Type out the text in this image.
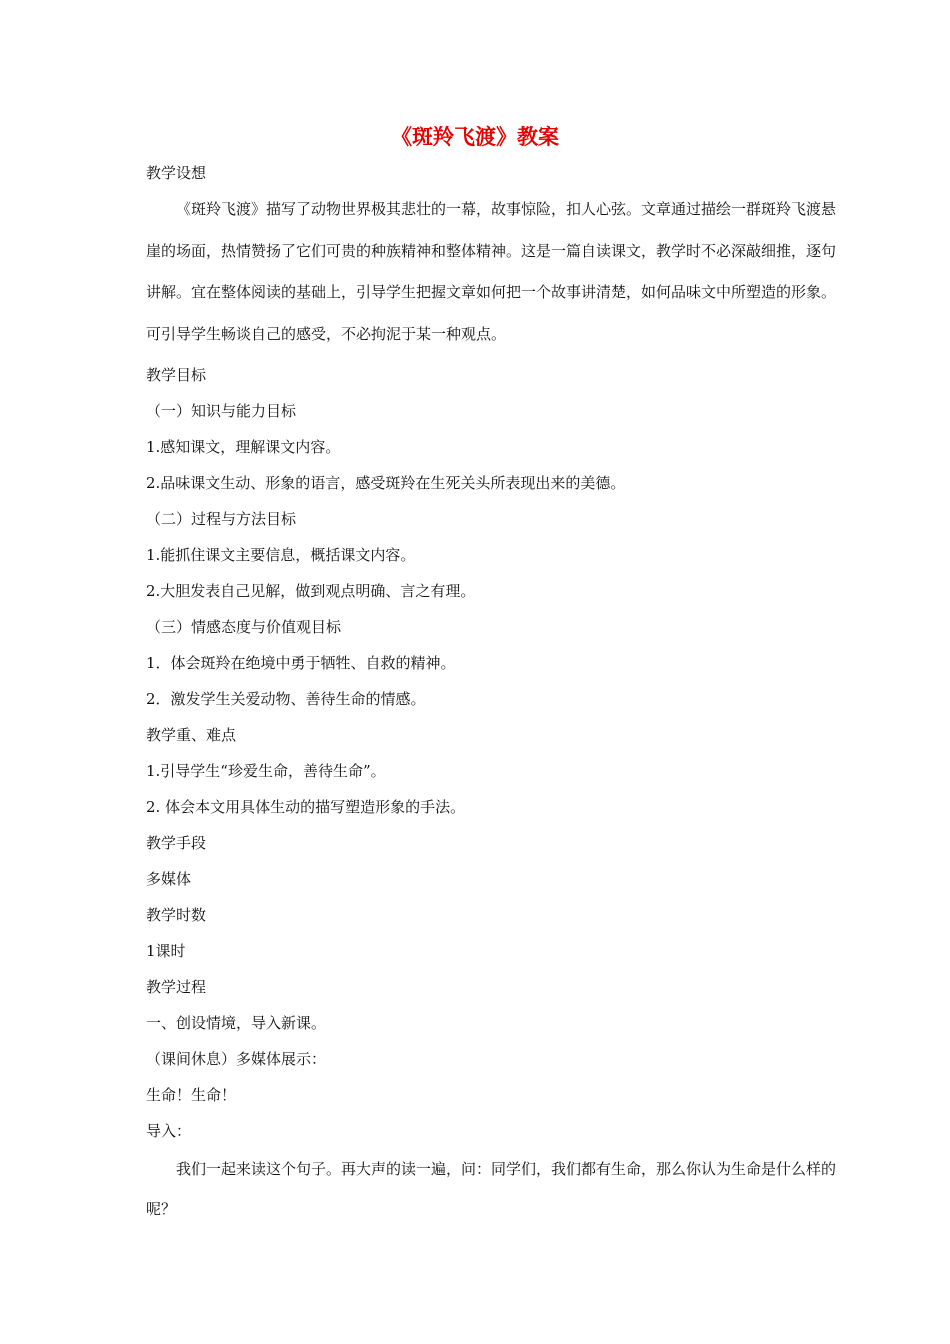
《斑羚飞渡》教案
教学设想

《斑羚飞渡》描写了动物世界极其悲壮的一幕，故事惊险，扣人心弦。文章通过描绘一群斑羚飞渡悬崖的场面，热情赞扬了它们可贵的种族精神和整体精神。这是一篇自读课文，教学时不必深敲细推，逐句讲解。宜在整体阅读的基础上，引导学生把握文章如何把一个故事讲清楚，如何品味文中所塑造的形象。可引导学生畅谈自己的感受，不必拘泥于某一种观点。

教学目标
（一）知识与能力目标
1.感知课文，理解课文内容。
2.品味课文生动、形象的语言，感受斑羚在生死关头所表现出来的美德。
（二）过程与方法目标
1.能抓住课文主要信息，概括课文内容。
2.大胆发表自己见解，做到观点明确、言之有理。
（三）情感态度与价值观目标
1．体会斑羚在绝境中勇于牺牲、自救的精神。
2．激发学生关爱动物、善待生命的情感。
教学重、难点
1.引导学生“珍爱生命，善待生命”。
2. 体会本文用具体生动的描写塑造形象的手法。
教学手段
多媒体
教学时数
1课时
教学过程
一、创设情境，导入新课。
（课间休息）多媒体展示：
生命！生命！
导入：

我们一起来读这个句子。再大声的读一遍，问：同学们，我们都有生命，那么你认为生命是什么样的呢？
